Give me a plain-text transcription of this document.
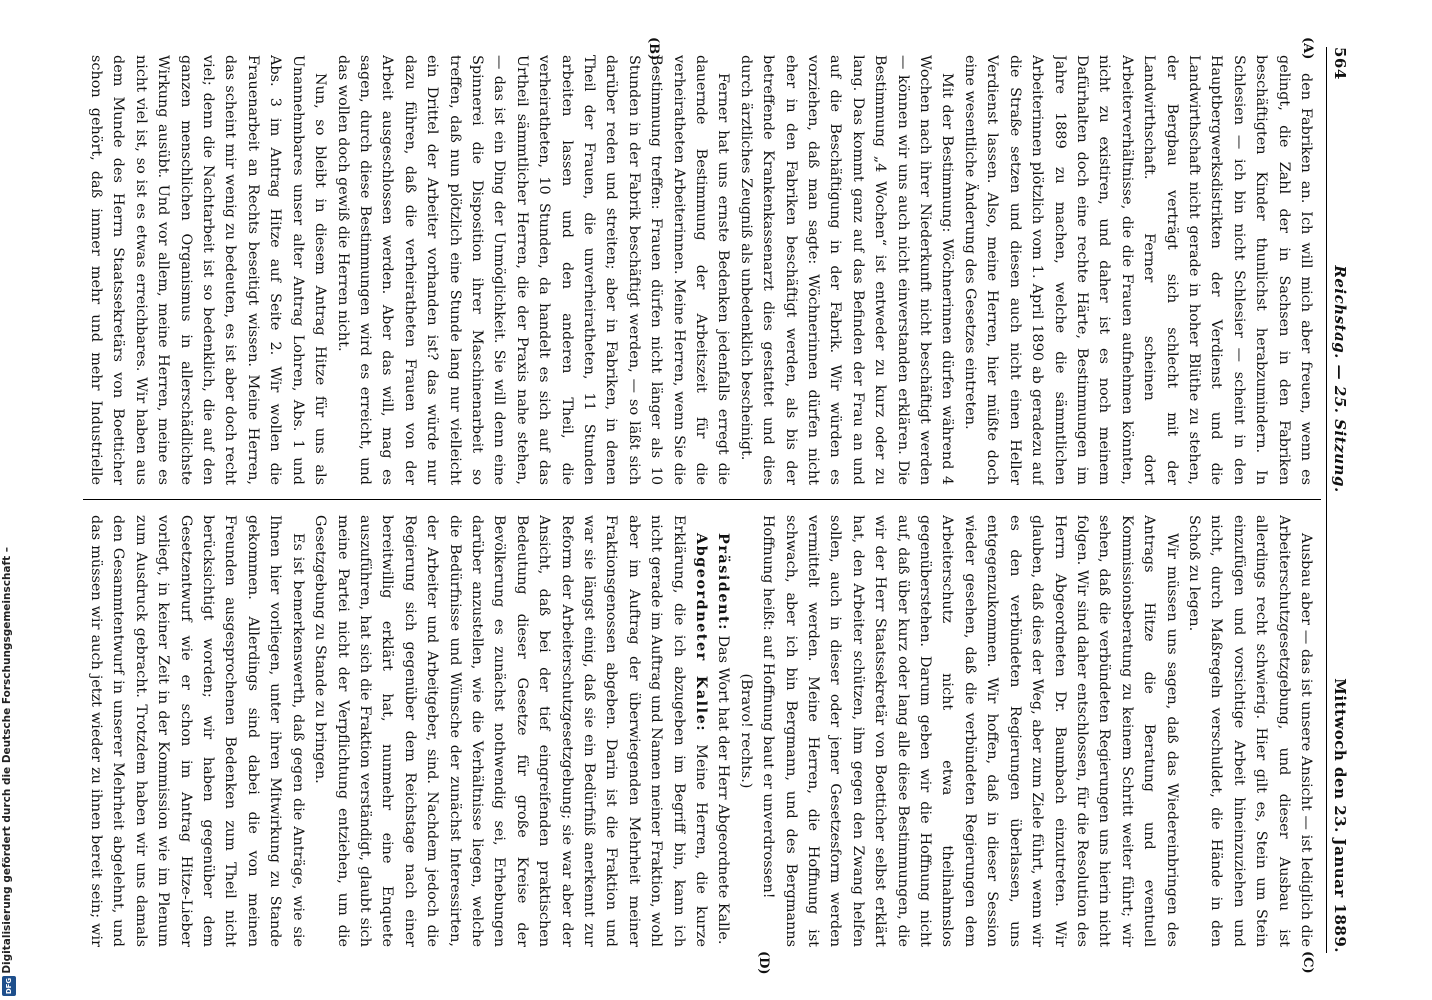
564
Reichstag. — 25. Sitzung.
Mittwoch den 23. Januar 1889.
(A)
(B)
(C)
(D)

den Fabriken an. Ich will mich aber freuen, wenn es gelingt, die Zahl der in Sachsen in den Fabriken beschäftigten Kinder thunlichst herabzumindern. In Schlesien — ich bin nicht Schlesier — scheint in den Hauptbergwerksdistrikten der Verdienst und die Landwirthschaft nicht gerade in hoher Blüthe zu stehen, der Bergbau verträgt sich schlecht mit der Landwirthschaft. Ferner scheinen dort Arbeiterverhältnisse, die die Frauen aufnehmen könnten, nicht zu existiren, und daher ist es noch meinem Dafürhalten doch eine rechte Härte, Bestimmungen im Jahre 1889 zu machen, welche die sämmtlichen Arbeiterinnen plötzlich vom 1. April 1890 ab geradezu auf die Straße setzen und diesen auch nicht einen Heller Verdienst lassen. Also, meine Herren, hier müßte doch eine wesentliche Änderung des Gesetzes eintreten.

Mit der Bestimmung: Wöchnerinnen dürfen während 4 Wochen nach ihrer Niederkunft nicht beschäftigt werden — können wir uns auch nicht einverstanden erklären. Die Bestimmung „4 Wochen“ ist entweder zu kurz oder zu lang. Das kommt ganz auf das Befinden der Frau an und auf die Beschäftigung in der Fabrik. Wir würden es vorziehen, daß man sagte: Wöchnerinnen dürfen nicht eher in den Fabriken beschäftigt werden, als bis der betreffende Krankenkassenarzt dies gestattet und dies durch ärztliches Zeugniß als unbedenklich bescheinigt.

Ferner hat uns ernste Bedenken jedenfalls erregt die dauernde Bestimmung der Arbeitszeit für die verheiratheten Arbeiterinnen. Meine Herren, wenn Sie die Bestimmung treffen: Frauen dürfen nicht länger als 10 Stunden in der Fabrik beschäftigt werden, — so läßt sich darüber reden und streiten; aber in Fabriken, in denen Theil der Frauen, die unverheiratheten, 11 Stunden arbeiten lassen und den anderen Theil, die verheiratheten, 10 Stunden, da handelt es sich auf das Urtheil sämmtlicher Herren, die der Praxis nahe stehen, — das ist ein Ding der Unmöglichkeit. Sie will denn eine Spinnerei die Disposition ihrer Maschinenarbeit so treffen, daß nun plötzlich eine Stunde lang nur vielleicht ein Drittel der Arbeiter vorhanden ist? das würde nur dazu führen, daß die verheiratheten Frauen von der Arbeit ausgeschlossen werden. Aber das will, mag es sagen, durch diese Bestimmungen wird es erreicht, und das wollen doch gewiß die Herren nicht.

Nun, so bleibt in diesem Antrag Hitze für uns als Unannehmbares unser alter Antrag Lohren, Abs. 1 und Abs. 3 im Antrag Hitze auf Seite 2. Wir wollen die Frauenarbeit an Rechts beseitigt wissen. Meine Herren, das scheint mir wenig zu bedeuten, es ist aber doch recht viel; denn die Nachtarbeit ist so bedenklich, die auf den ganzen menschlichen Organismus in allerschädlichste Wirkung ausübt. Und vor allem, meine Herren, meine es nicht viel ist, so ist es etwas erreichbares. Wir haben aus dem Munde des Herrn Staatssekretärs von Boetticher schon gehört, daß immer mehr und mehr Industrielle

Ausbau aber — das ist unsere Ansicht — ist lediglich die Arbeiterschutzgesetzgebung, und dieser Ausbau ist allerdings recht schwierig. Hier gilt es, Stein um Stein einzufügen und vorsichtige Arbeit hineinzuziehen und nicht, durch Maßregeln verschuldet, die Hände in den Schoß zu legen.

Wir müssen uns sagen, daß das Wiedereinbringen des Antrags Hitze die Beratung und eventuell Kommissionsberatung zu keinem Schritt weiter führt; wir sehen, daß die verbündeten Regierungen uns hierin nicht folgen. Wir sind daher entschlossen, für die Resolution des Herrn Abgeordneten Dr. Baumbach einzutreten. Wir glauben, daß dies der Weg, aber zum Ziele führt, wenn wir es den verbündeten Regierungen überlassen, uns entgegenzukommen. Wir hoffen, daß in dieser Session wieder gesehen, daß die verbündeten Regierungen dem Arbeiterschutz nicht etwa theilnahmslos gegenüberstehen. Darum geben wir die Hoffnung nicht auf, daß über kurz oder lang alle diese Bestimmungen, die wir der Herr Staatssekretär von Boetticher selbst erklärt hat, den Arbeiter schützen, ihm gegen den Zwang helfen sollen, auch in dieser oder jener Gesetzesform werden vermittelt werden. Meine Herren, die Hoffnung ist schwach, aber ich bin Bergmann, und des Bergmanns Hoffnung heißt: auf Hoffnung baut er unverdrossen!

(Bravo! rechts.)

Präsident: Das Wort hat der Herr Abgeordnete Kalle.

Abgeordneter Kalle: Meine Herren, die kurze Erklärung, die ich abzugeben im Begriff bin, kann ich nicht gerade im Auftrag und Namen meiner Fraktion, wohl aber im Auftrag der überwiegenden Mehrheit meiner Fraktionsgenossen abgeben. Darin ist die Fraktion und war sie längst einig, daß sie ein Bedürfniß anerkennt zur Reform der Arbeiterschutzgesetzgebung; sie war aber der Ansicht, daß bei der tief eingreifenden praktischen Bedeutung dieser Gesetze für große Kreise der Bevölkerung es zunächst nothwendig sei, Erhebungen darüber anzustellen, wie die Verhältnisse liegen, welche die Bedürfnisse und Wünsche der zunächst Interessirten, der Arbeiter und Arbeitgeber, sind. Nachdem jedoch die Regierung sich gegenüber dem Reichstage nach einer bereitwillig erklärt hat, nunmehr eine Enquete auszuführen, hat sich die Fraktion verständigt, glaubt sich meine Partei nicht der Verpflichtung entziehen, um die Gesetzgebung zu Stande zu bringen.

Es ist bemerkenswerth, daß gegen die Anträge, wie sie Ihnen hier vorliegen, unter ihren Mitwirkung zu Stande gekommen. Allerdings sind dabei die von meinen Freunden ausgesprochenen Bedenken zum Theil nicht berücksichtigt worden; wir haben gegenüber dem Gesetzentwurf wie er schon im Antrag Hitze-Lieber vorliegt, in keiner Zeit in der Kommission wie im Plenum zum Ausdruck gebracht. Trotzdem haben wir uns damals den Gesammtentwurf in unserer Mehrheit abgelehnt, und das müssen wir auch jetzt wieder zu ihnen bereit sein; wir

Digitalisierung gefördert durch die Deutsche Forschungsgemeinschaft –
DFG
